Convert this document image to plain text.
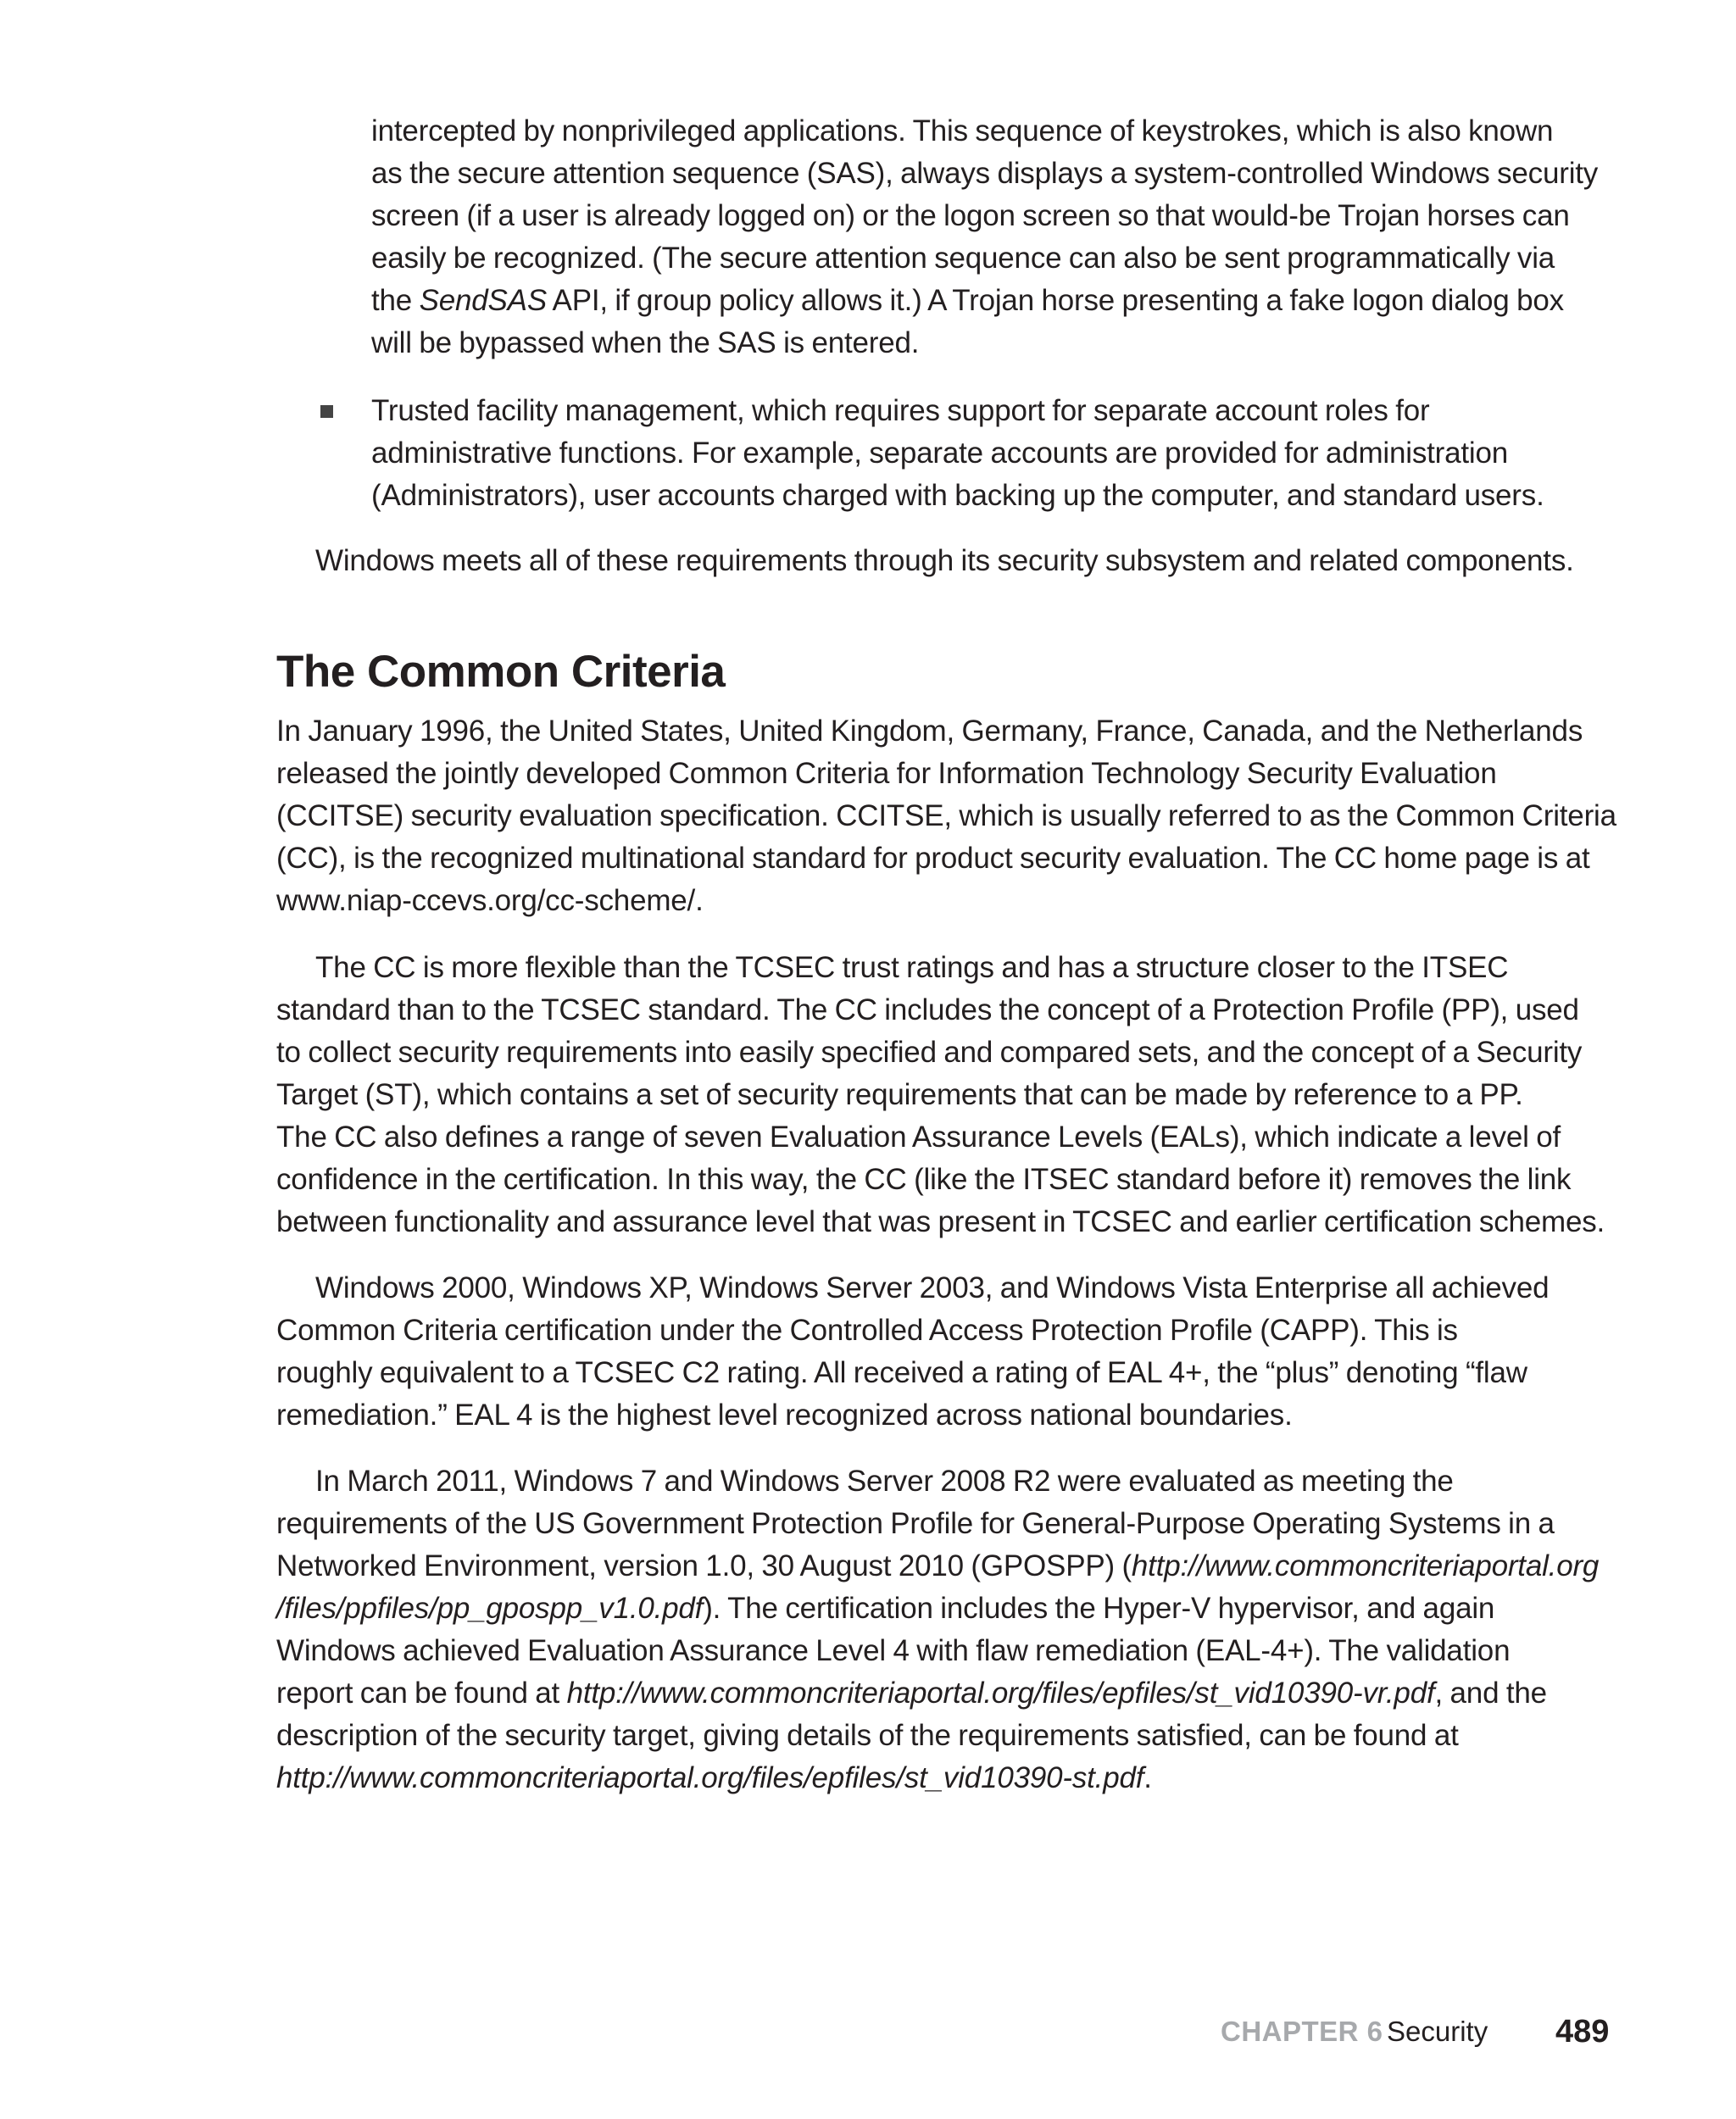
intercepted by nonprivileged applications. This sequence of keystrokes, which is also known
as the secure attention sequence (SAS), always displays a system-controlled Windows security
screen (if a user is already logged on) or the logon screen so that would-be Trojan horses can
easily be recognized. (The secure attention sequence can also be sent programmatically via
the SendSAS API, if group policy allows it.) A Trojan horse presenting a fake logon dialog box
will be bypassed when the SAS is entered.
Trusted facility management, which requires support for separate account roles for
administrative functions. For example, separate accounts are provided for administration
(Administrators), user accounts charged with backing up the computer, and standard users.
Windows meets all of these requirements through its security subsystem and related components.
The Common Criteria
In January 1996, the United States, United Kingdom, Germany, France, Canada, and the Netherlands
released the jointly developed Common Criteria for Information Technology Security Evaluation
(CCITSE) security evaluation specification. CCITSE, which is usually referred to as the Common Criteria
(CC), is the recognized multinational standard for product security evaluation. The CC home page is at
www.niap-ccevs.org/cc-scheme/.
The CC is more flexible than the TCSEC trust ratings and has a structure closer to the ITSEC
standard than to the TCSEC standard. The CC includes the concept of a Protection Profile (PP), used
to collect security requirements into easily specified and compared sets, and the concept of a Security
Target (ST), which contains a set of security requirements that can be made by reference to a PP.
The CC also defines a range of seven Evaluation Assurance Levels (EALs), which indicate a level of
confidence in the certification. In this way, the CC (like the ITSEC standard before it) removes the link
between functionality and assurance level that was present in TCSEC and earlier certification schemes.
Windows 2000, Windows XP, Windows Server 2003, and Windows Vista Enterprise all achieved
Common Criteria certification under the Controlled Access Protection Profile (CAPP). This is
roughly equivalent to a TCSEC C2 rating. All received a rating of EAL 4+, the “plus” denoting “flaw
remediation.” EAL 4 is the highest level recognized across national boundaries.
In March 2011, Windows 7 and Windows Server 2008 R2 were evaluated as meeting the
requirements of the US Government Protection Profile for General-Purpose Operating Systems in a
Networked Environment, version 1.0, 30 August 2010 (GPOSPP) (http://www.commoncriteriaportal.org
/files/ppfiles/pp_gpospp_v1.0.pdf). The certification includes the Hyper-V hypervisor, and again
Windows achieved Evaluation Assurance Level 4 with flaw remediation (EAL-4+). The validation
report can be found at http://www.commoncriteriaportal.org/files/epfiles/st_vid10390-vr.pdf, and the
description of the security target, giving details of the requirements satisfied, can be found at
http://www.commoncriteriaportal.org/files/epfiles/st_vid10390-st.pdf.
CHAPTER 6 Security 489
